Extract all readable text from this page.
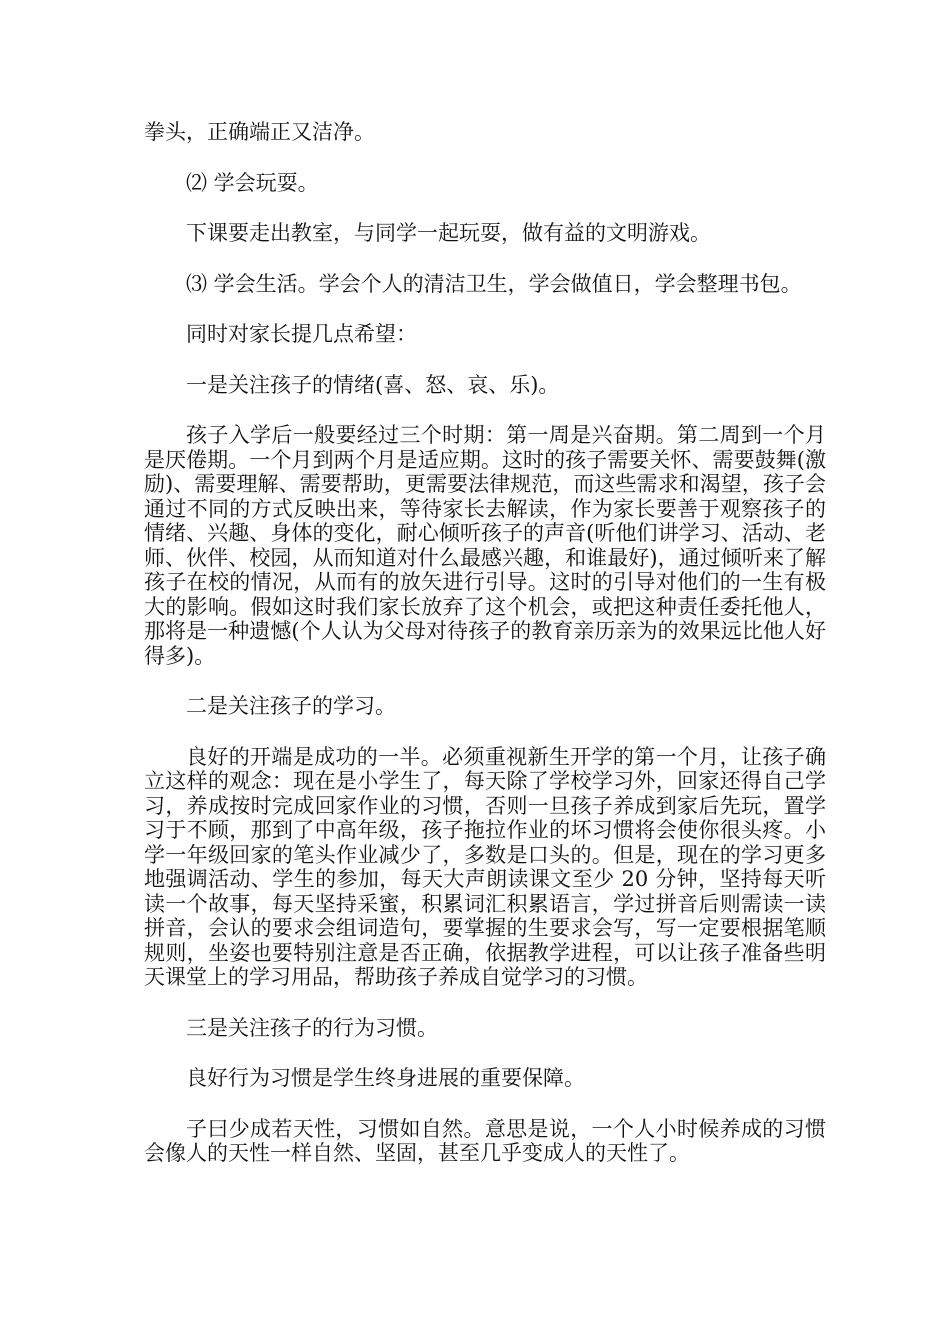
拳头，正确端正又洁净。

⑵ 学会玩耍。

下课要走出教室，与同学一起玩耍，做有益的文明游戏。

⑶ 学会生活。学会个人的清洁卫生，学会做值日，学会整理书包。

同时对家长提几点希望：

一是关注孩子的情绪(喜、怒、哀、乐)。

孩子入学后一般要经过三个时期：第一周是兴奋期。第二周到一个月是厌倦期。一个月到两个月是适应期。这时的孩子需要关怀、需要鼓舞(激励)、需要理解、需要帮助，更需要法律规范，而这些需求和渴望，孩子会通过不同的方式反映出来，等待家长去解读，作为家长要善于观察孩子的情绪、兴趣、身体的变化，耐心倾听孩子的声音(听他们讲学习、活动、老师、伙伴、校园，从而知道对什么最感兴趣，和谁最好)，通过倾听来了解孩子在校的情况，从而有的放矢进行引导。这时的引导对他们的一生有极大的影响。假如这时我们家长放弃了这个机会，或把这种责任委托他人，那将是一种遗憾(个人认为父母对待孩子的教育亲历亲为的效果远比他人好得多)。

二是关注孩子的学习。

良好的开端是成功的一半。必须重视新生开学的第一个月，让孩子确立这样的观念：现在是小学生了，每天除了学校学习外，回家还得自己学习，养成按时完成回家作业的习惯，否则一旦孩子养成到家后先玩，置学习于不顾，那到了中高年级，孩子拖拉作业的坏习惯将会使你很头疼。小学一年级回家的笔头作业减少了，多数是口头的。但是，现在的学习更多地强调活动、学生的参加，每天大声朗读课文至少 20 分钟，坚持每天听读一个故事，每天坚持采蜜，积累词汇积累语言，学过拼音后则需读一读拼音，会认的要求会组词造句，要掌握的生要求会写，写一定要根据笔顺规则，坐姿也要特别注意是否正确，依据教学进程，可以让孩子准备些明天课堂上的学习用品，帮助孩子养成自觉学习的习惯。

三是关注孩子的行为习惯。

良好行为习惯是学生终身进展的重要保障。

子曰少成若天性，习惯如自然。意思是说，一个人小时候养成的习惯会像人的天性一样自然、坚固，甚至几乎变成人的天性了。
